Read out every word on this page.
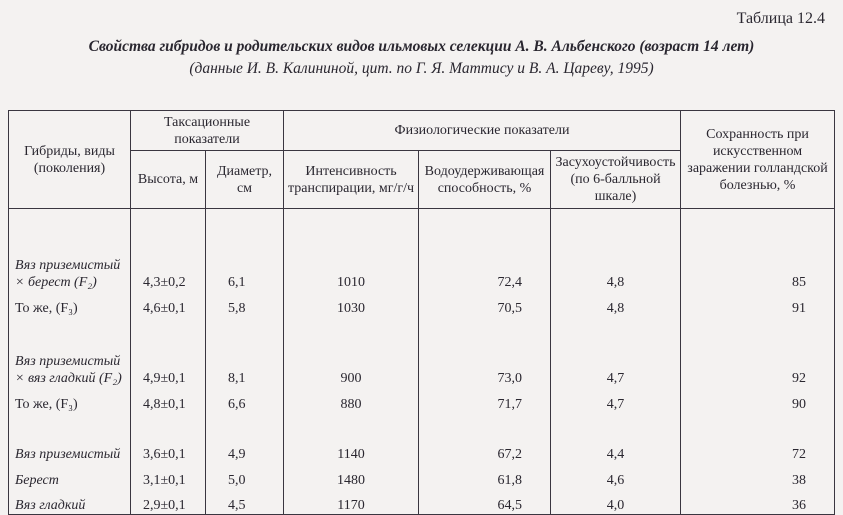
Таблица 12.4
Свойства гибридов и родительских видов ильмовых селекции А. В. Альбенского (возраст 14 лет)
(данные И. В. Калининой, цит. по Г. Я. Маттису и В. А. Цареву, 1995)
Гибриды, виды (поколения)	Таксационные показатели		Физиологические показатели			Сохранность при искусственном заражении голландской болезнью, %
	Высота, м	Диаметр, см	Интенсивность транспирации, мг/г/ч	Водоудерживающая способность, %	Засухоустойчивость (по 6-балльной шкале)	
Вяз приземистый × берест (F₂)	4,3±0,2	6,1	1010	72,4	4,8	85
То же, (F₃)	4,6±0,1	5,8	1030	70,5	4,8	91
Вяз приземистый × вяз гладкий (F₂)	4,9±0,1	8,1	900	73,0	4,7	92
То же, (F₃)	4,8±0,1	6,6	880	71,7	4,7	90
Вяз приземистый	3,6±0,1	4,9	1140	67,2	4,4	72
Берест	3,1±0,1	5,0	1480	61,8	4,6	38
Вяз гладкий	2,9±0,1	4,5	1170	64,5	4,0	36
